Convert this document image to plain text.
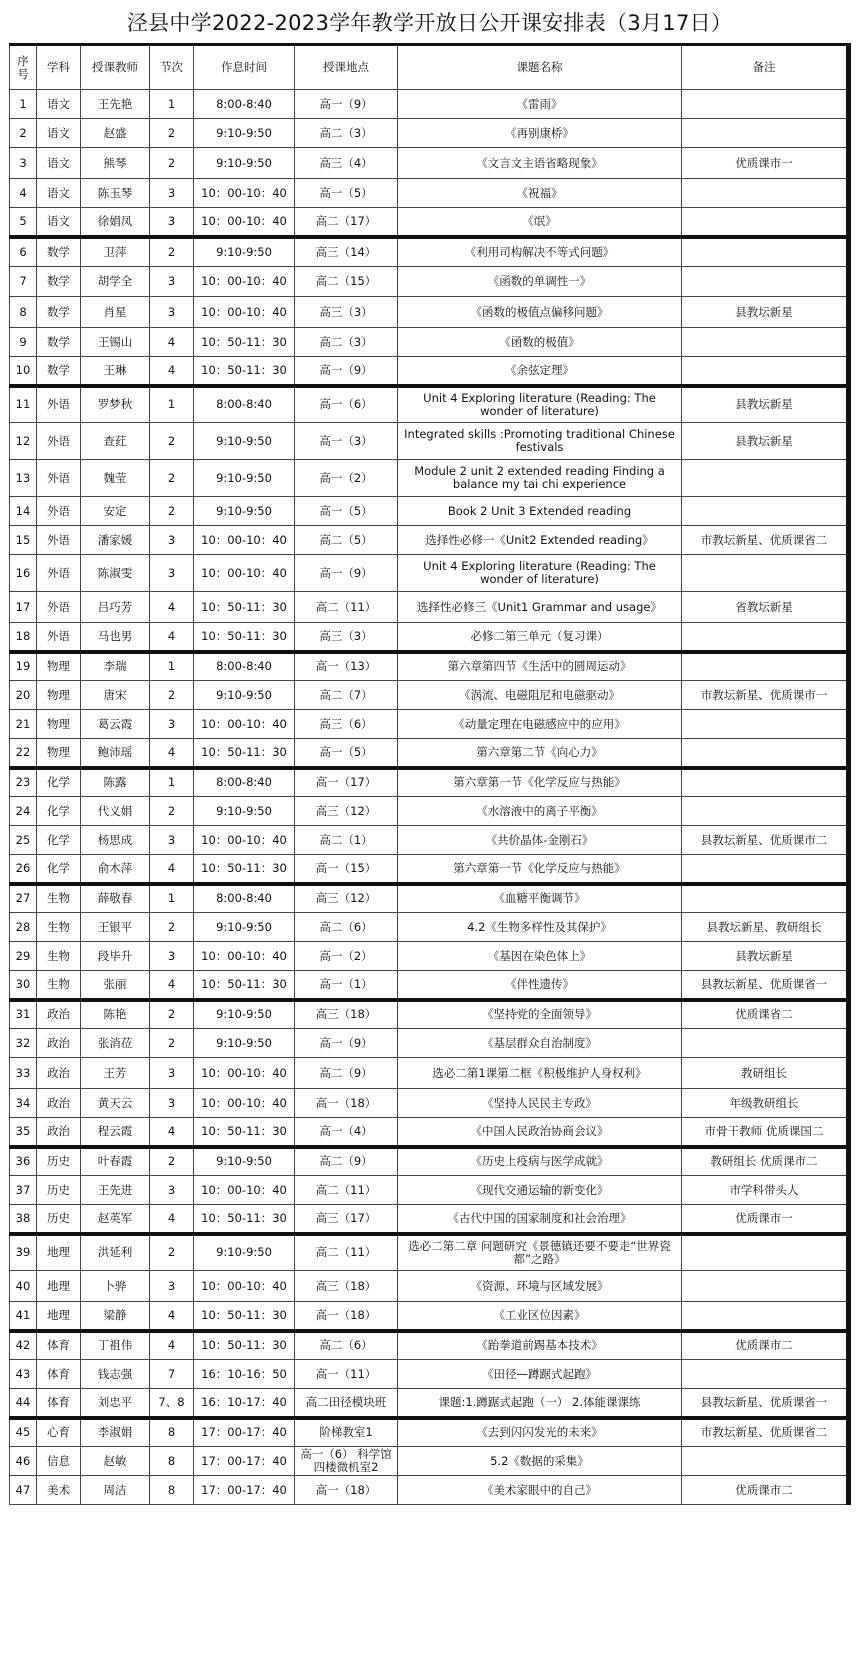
泾县中学2022-2023学年教学开放日公开课安排表（3月17日）
序号	学科	授课教师	节次	作息时间	授课地点	课题名称	备注
1	语文	王先艳	1	8:00-8:40	高一（9）	《雷雨》	
2	语文	赵盛	2	9:10-9:50	高二（3）	《再别康桥》	
3	语文	熊琴	2	9:10-9:50	高三（4）	《文言文主语省略现象》	优质课市一
4	语文	陈玉琴	3	10：00-10：40	高一（5）	《祝福》	
5	语文	徐娟凤	3	10：00-10：40	高二（17）	《氓》	
6	数学	卫萍	2	9:10-9:50	高三（14）	《利用司构解决不等式问题》	
7	数学	胡学全	3	10：00-10：40	高二（15）	《函数的单调性一》	
8	数学	肖星	3	10：00-10：40	高三（3）	《函数的极值点偏移问题》	县教坛新星
9	数学	王锡山	4	10：50-11：30	高二（3）	《函数的极值》	
10	数学	王琳	4	10：50-11：30	高一（9）	《余弦定理》	
11	外语	罗梦秋	1	8:00-8:40	高一（6）	Unit 4 Exploring literature (Reading: The wonder of literature)	县教坛新星
12	外语	查荭	2	9:10-9:50	高一（3）	Integrated skills :Promoting traditional Chinese festivals	县教坛新星
13	外语	魏莹	2	9:10-9:50	高一（2）	Module 2 unit 2 extended reading Finding a balance my tai chi experience	
14	外语	安定	2	9:10-9:50	高一（5）	Book 2 Unit 3 Extended reading	
15	外语	潘家媛	3	10：00-10：40	高二（5）	选择性必修一《Unit2 Extended reading》	市教坛新星、优质课省二
16	外语	陈淑雯	3	10：00-10：40	高一（9）	Unit 4 Exploring literature (Reading: The wonder of literature)	
17	外语	吕巧芳	4	10：50-11：30	高二（11）	选择性必修三《Unit1 Grammar and usage》	省教坛新星
18	外语	马也男	4	10：50-11：30	高三（3）	必修二第三单元（复习课）	
19	物理	李瑞	1	8:00-8:40	高一（13）	第六章第四节《生活中的圆周运动》	
20	物理	唐宋	2	9:10-9:50	高二（7）	《涡流、电磁阻尼和电磁驱动》	市教坛新星、优质课市一
21	物理	葛云霞	3	10：00-10：40	高三（6）	《动量定理在电磁感应中的应用》	
22	物理	鲍沛瑶	4	10：50-11：30	高一（5）	第六章第二节《向心力》	
23	化学	陈露	1	8:00-8:40	高一（17）	第六章第一节《化学反应与热能》	
24	化学	代义娟	2	9:10-9:50	高三（12）	《水溶液中的离子平衡》	
25	化学	杨思成	3	10：00-10：40	高二（1）	《共价晶体-金刚石》	县教坛新星、优质课市二
26	化学	俞木萍	4	10：50-11：30	高一（15）	第六章第一节《化学反应与热能》	
27	生物	薛敬春	1	8:00-8:40	高三（12）	《血糖平衡调节》	
28	生物	王银平	2	9:10-9:50	高二（6）	4.2《生物多样性及其保护》	县教坛新星、教研组长
29	生物	段毕升	3	10：00-10：40	高一（2）	《基因在染色体上》	县教坛新星
30	生物	张丽	4	10：50-11：30	高一（1）	《伴性遗传》	县教坛新星、优质课省一
31	政治	陈艳	2	9:10-9:50	高三（18）	《坚持党的全面领导》	优质课省二
32	政治	张消莅	2	9:10-9:50	高一（9）	《基层群众自治制度》	
33	政治	王芳	3	10：00-10：40	高二（9）	选必二第1课第二框《积极维护人身权利》	教研组长
34	政治	黄天云	3	10：00-10：40	高一（18）	《坚持人民民主专政》	年级教研组长
35	政治	程云霞	4	10：50-11：30	高一（4）	《中国人民政治协商会议》	市骨干教师 优质课国二
36	历史	叶春霞	2	9:10-9:50	高二（9）	《历史上疫病与医学成就》	教研组长 优质课市二
37	历史	王先进	3	10：00-10：40	高二（11）	《现代交通运输的新变化》	市学科带头人
38	历史	赵英军	4	10：50-11：30	高三（17）	《古代中国的国家制度和社会治理》	优质课市一
39	地理	洪延利	2	9:10-9:50	高二（11）	选必二第二章 问题研究《景德镇还要不要走“世界瓷都”之路》	
40	地理	卜骅	3	10：00-10：40	高三（18）	《资源、环境与区域发展》	
41	地理	梁静	4	10：50-11：30	高一（18）	《工业区位因素》	
42	体育	丁祖伟	4	10：50-11：30	高二（6）	《跆拳道前踢基本技术》	优质课市二
43	体育	钱志强	7	16：10-16：50	高一（11）	《田径—蹲踞式起跑》	
44	体育	刘忠平	7、8	16：10-17：40	高二田径模块班	课题:1.蹲踞式起跑（一） 2.体能课课练	县教坛新星、优质课省一
45	心育	李淑娟	8	17：00-17：40	阶梯教室1	《去到闪闪发光的未来》	市教坛新星、优质课省二
46	信息	赵敏	8	17：00-17：40	高一（6） 科学馆四楼微机室2	5.2《数据的采集》	
47	美术	周洁	8	17：00-17：40	高一（18）	《美术家眼中的自己》	优质课市二
